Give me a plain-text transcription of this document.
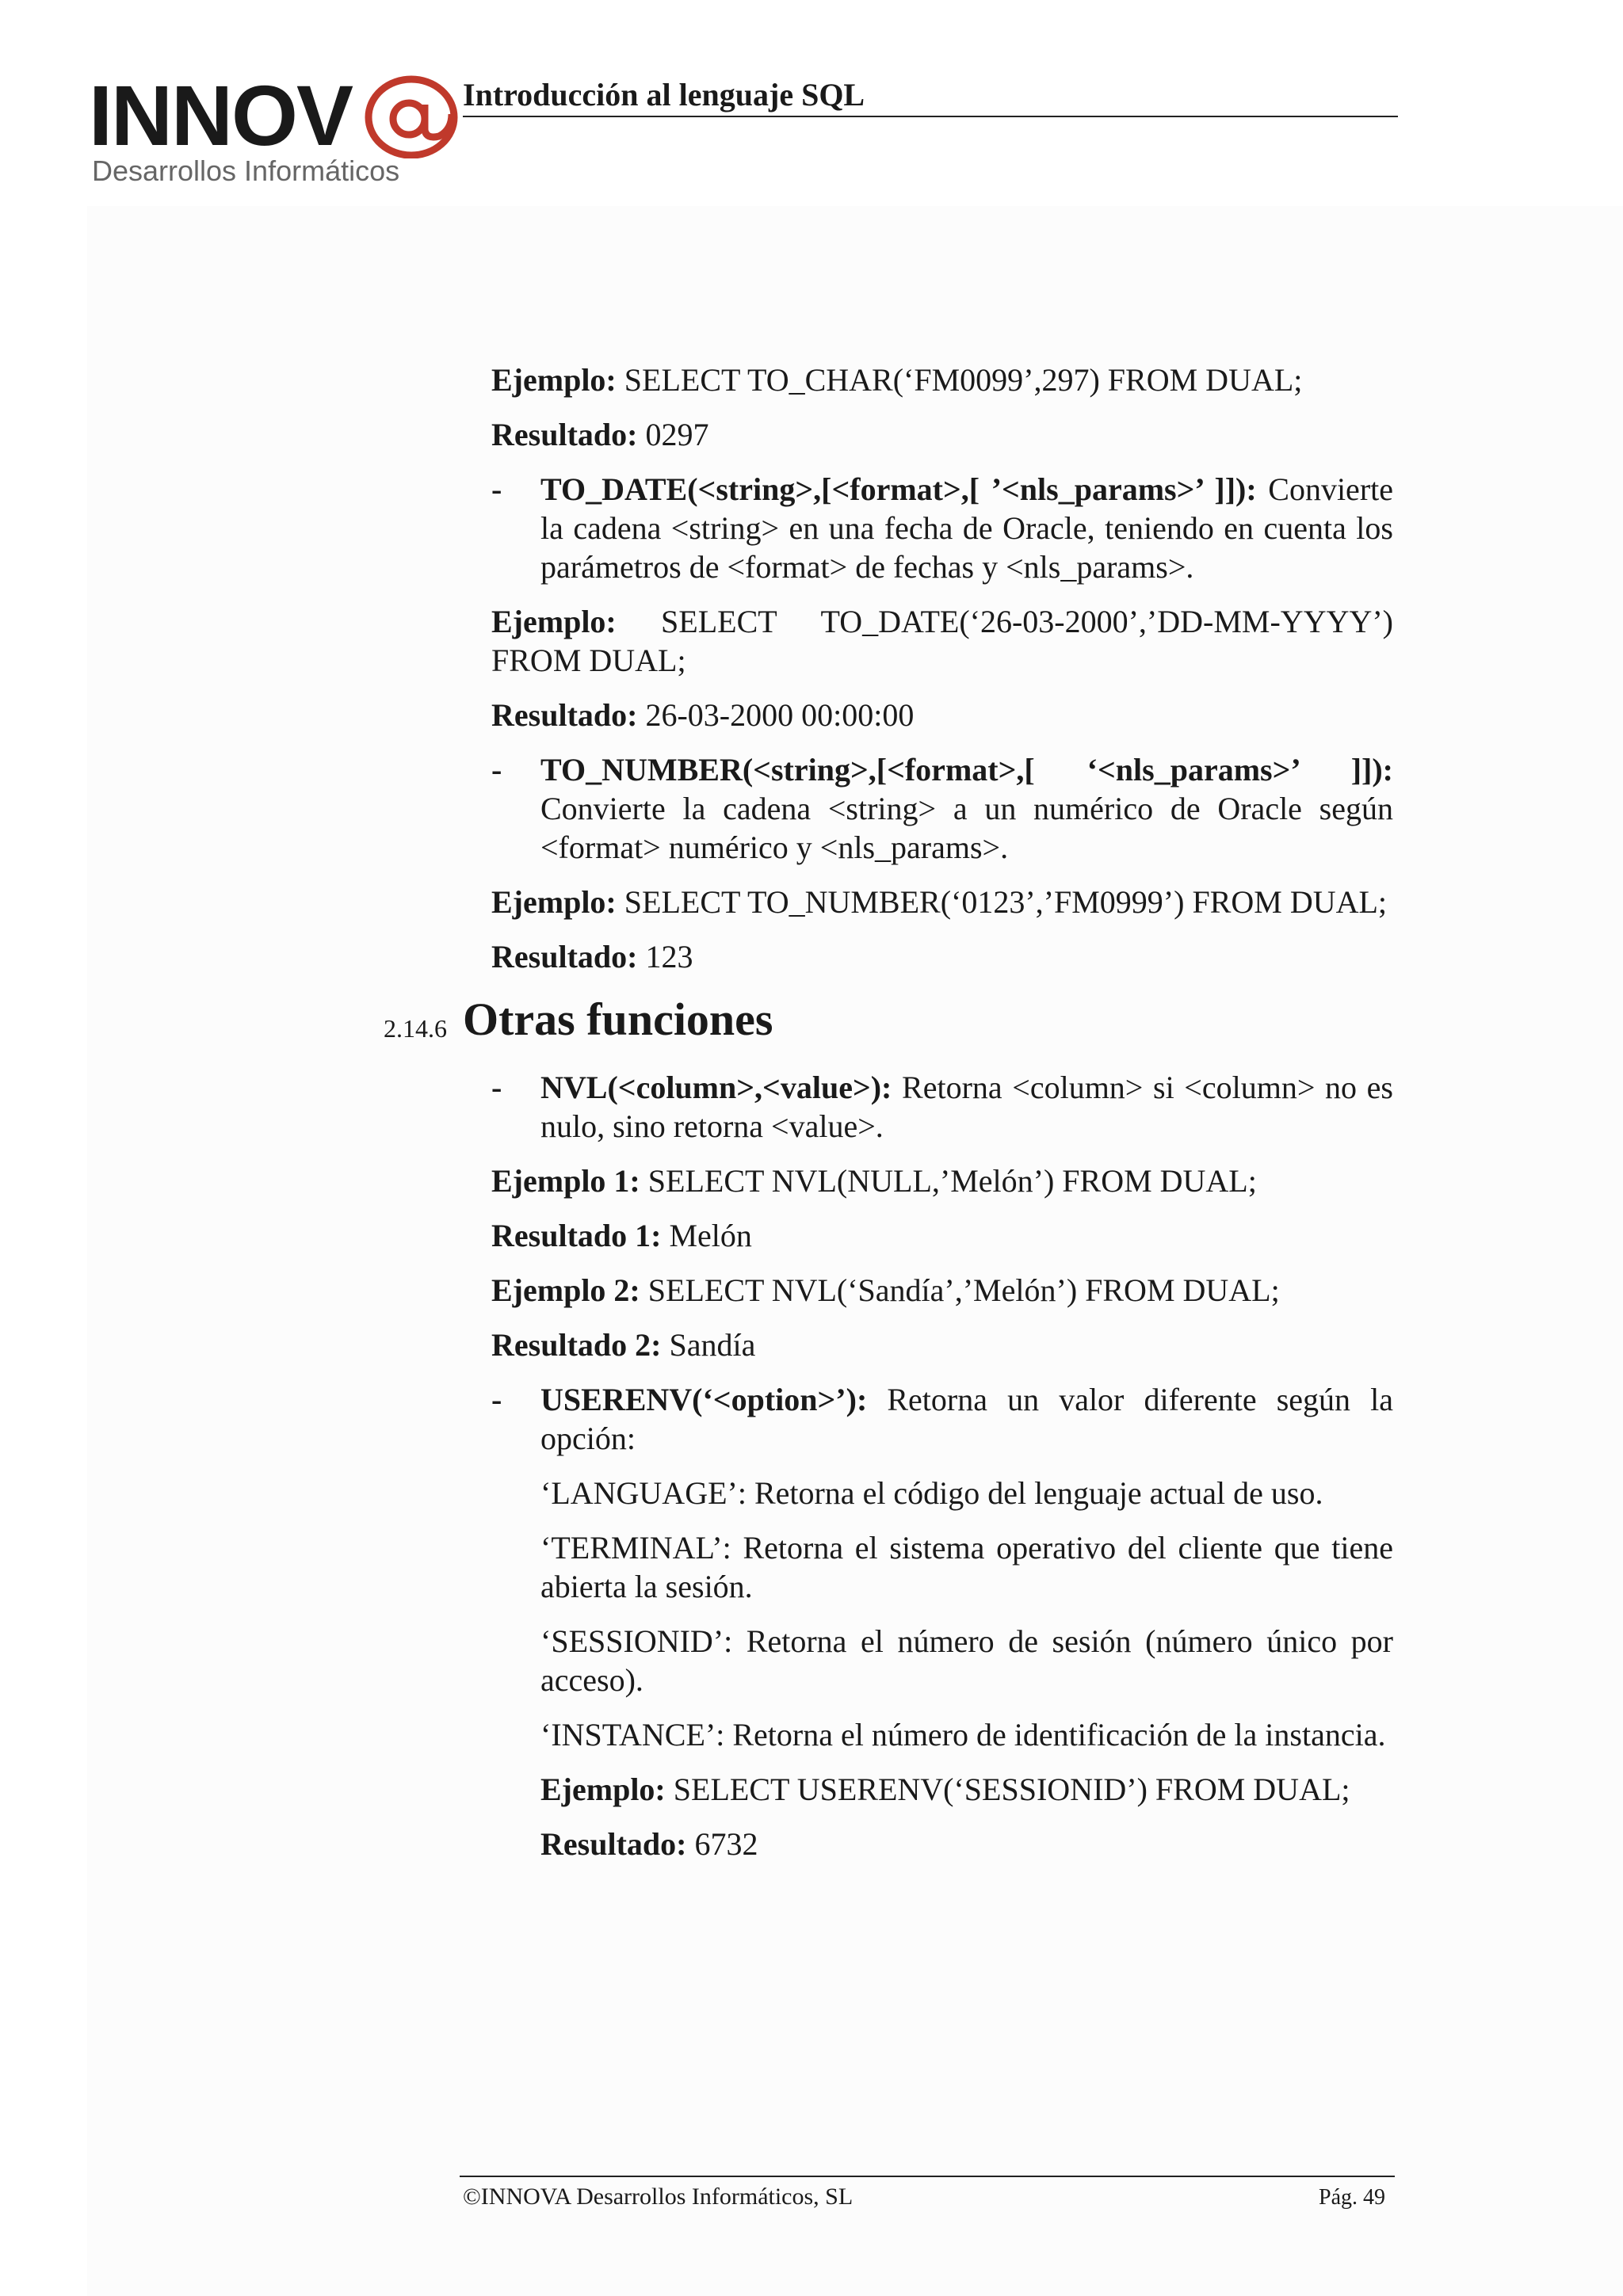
INNOV
Desarrollos Informáticos
Introducción al lenguaje SQL

Ejemplo: SELECT TO_CHAR(‘FM0099’,297) FROM DUAL;

Resultado: 0297

- TO_DATE(<string>,[<format>,[ ’<nls_params>’ ]]): Convierte la cadena <string> en una fecha de Oracle, teniendo en cuenta los parámetros de <format> de fechas y <nls_params>.

Ejemplo: SELECT TO_DATE(‘26-03-2000’,’DD-MM-YYYY’) FROM DUAL;

Resultado: 26-03-2000 00:00:00

- TO_NUMBER(<string>,[<format>,[ ‘<nls_params>’ ]]): Convierte la cadena <string> a un numérico de Oracle según <format> numérico y <nls_params>.

Ejemplo: SELECT TO_NUMBER(‘0123’,’FM0999’) FROM DUAL;

Resultado: 123

2.14.6 Otras funciones
- NVL(<column>,<value>): Retorna <column> si <column> no es nulo, sino retorna <value>.

Ejemplo 1: SELECT NVL(NULL,’Melón’) FROM DUAL;

Resultado 1: Melón

Ejemplo 2: SELECT NVL(‘Sandía’,’Melón’) FROM DUAL;

Resultado 2: Sandía

- USERENV(‘<option>’): Retorna un valor diferente según la opción:

‘LANGUAGE’: Retorna el código del lenguaje actual de uso.

‘TERMINAL’: Retorna el sistema operativo del cliente que tiene abierta la sesión.

‘SESSIONID’: Retorna el número de sesión (número único por acceso).

‘INSTANCE’: Retorna el número de identificación de la instancia.

Ejemplo: SELECT USERENV(‘SESSIONID’) FROM DUAL;

Resultado: 6732

©INNOVA Desarrollos Informáticos, SL	Pág. 49
